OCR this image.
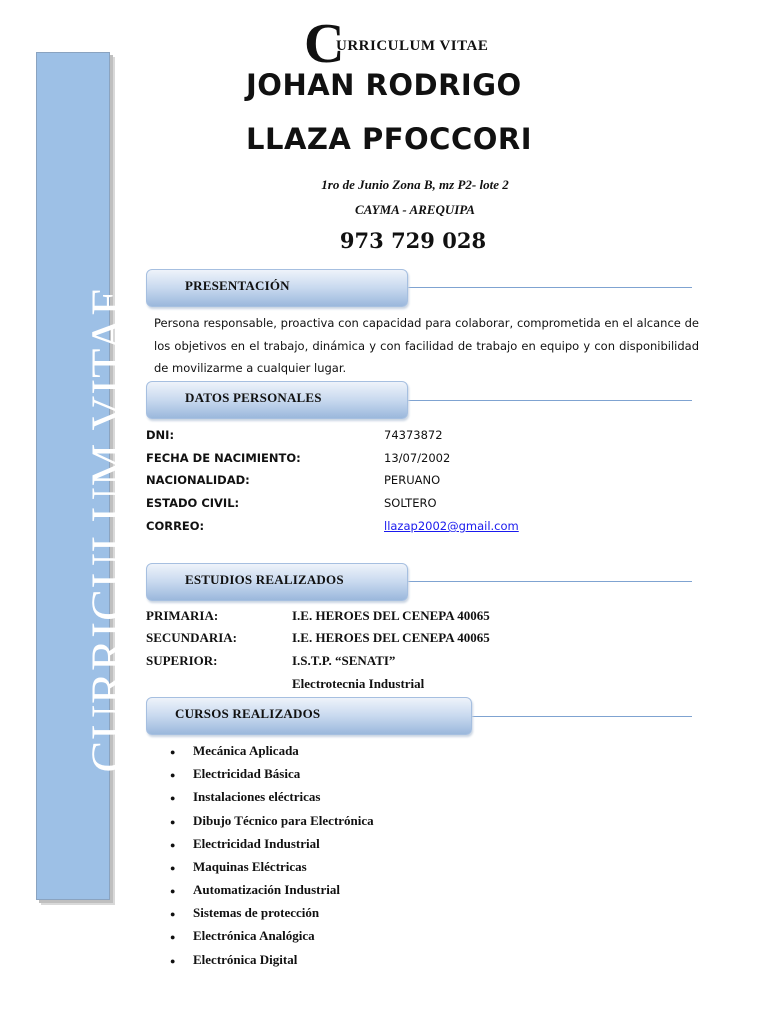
CURRICULUM VITAE
C
URRICULUM VITAE
JOHAN RODRIGO
LLAZA PFOCCORI
1ro de Junio Zona B, mz P2- lote 2
CAYMA - AREQUIPA
973 729 028
PRESENTACIÓN
Persona responsable, proactiva con capacidad para colaborar, comprometida en el alcance de los objetivos en el trabajo, dinámica y con facilidad de trabajo en equipo y con disponibilidad de movilizarme a cualquier lugar.
DATOS PERSONALES
DNI:	74373872
FECHA DE NACIMIENTO:	13/07/2002
NACIONALIDAD:	PERUANO
ESTADO CIVIL:	SOLTERO
CORREO:	llazap2002@gmail.com
ESTUDIOS REALIZADOS
PRIMARIA:	I.E. HEROES DEL CENEPA 40065
SECUNDARIA:	I.E. HEROES DEL CENEPA 40065
SUPERIOR:	I.S.T.P. “SENATI”
Electrotecnia Industrial
CURSOS REALIZADOS
● Mecánica Aplicada
● Electricidad Básica
● Instalaciones eléctricas
● Dibujo Técnico para Electrónica
● Electricidad Industrial
● Maquinas Eléctricas
● Automatización Industrial
● Sistemas de protección
● Electrónica Analógica
● Electrónica Digital
